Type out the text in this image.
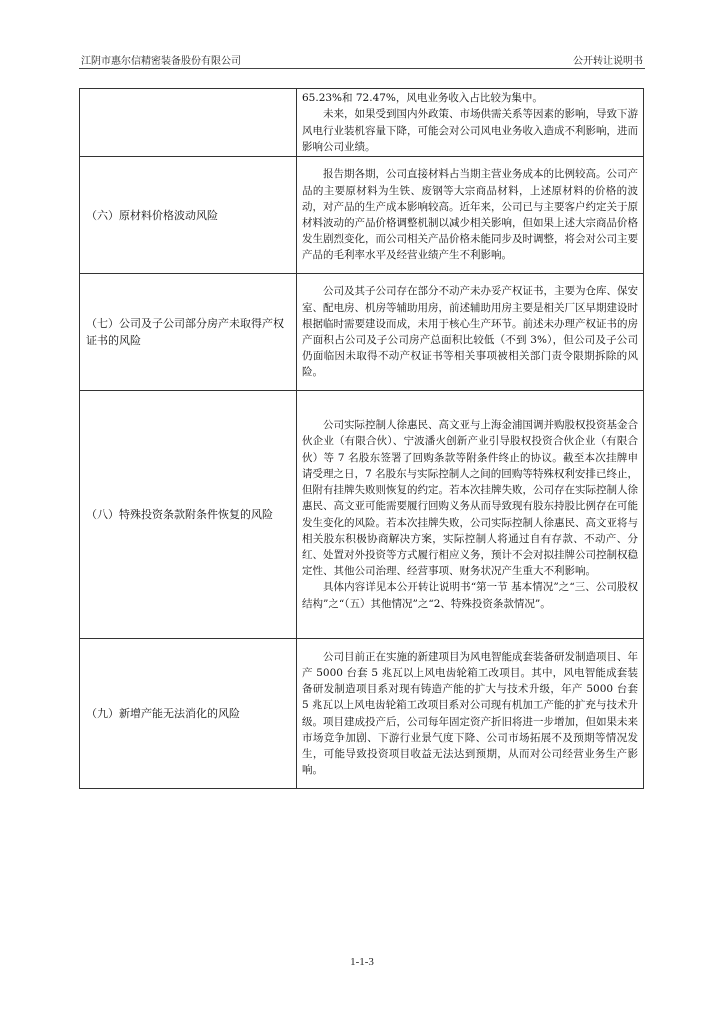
江阴市惠尔信精密装备股份有限公司	公开转让说明书

	65.23%和 72.47%，风电业务收入占比较为集中。

未来，如果受到国内外政策、市场供需关系等因素的影响，导致下游风电行业装机容量下降，可能会对公司风电业务收入造成不利影响，进而影响公司业绩。

（六）原材料价格波动风险	报告期各期，公司直接材料占当期主营业务成本的比例较高。公司产品的主要原材料为生铁、废钢等大宗商品材料，上述原材料的价格的波动，对产品的生产成本影响较高。近年来，公司已与主要客户约定关于原材料波动的产品价格调整机制以减少相关影响，但如果上述大宗商品价格发生剧烈变化，而公司相关产品价格未能同步及时调整，将会对公司主要产品的毛利率水平及经营业绩产生不利影响。

（七）公司及子公司部分房产未取得产权证书的风险	公司及其子公司存在部分不动产未办妥产权证书，主要为仓库、保安室、配电房、机房等辅助用房，前述辅助用房主要是相关厂区早期建设时根据临时需要建设而成，未用于核心生产环节。前述未办理产权证书的房产面积占公司及子公司房产总面积比较低（不到 3%），但公司及子公司仍面临因未取得不动产权证书等相关事项被相关部门责令限期拆除的风险。

（八）特殊投资条款附条件恢复的风险	公司实际控制人徐惠民、高文亚与上海金浦国调并购股权投资基金合伙企业（有限合伙）、宁波潘火创新产业引导股权投资合伙企业（有限合伙）等 7 名股东签署了回购条款等附条件终止的协议。截至本次挂牌申请受理之日，7 名股东与实际控制人之间的回购等特殊权利安排已终止，但附有挂牌失败则恢复的约定。若本次挂牌失败，公司存在实际控制人徐惠民、高文亚可能需要履行回购义务从而导致现有股东持股比例存在可能发生变化的风险。若本次挂牌失败，公司实际控制人徐惠民、高文亚将与相关股东积极协商解决方案，实际控制人将通过自有存款、不动产、分红、处置对外投资等方式履行相应义务，预计不会对拟挂牌公司控制权稳定性、其他公司治理、经营事项、财务状况产生重大不利影响。

具体内容详见本公开转让说明书“第一节 基本情况”之“三、公司股权结构”之“（五）其他情况”之“2、特殊投资条款情况”。

（九）新增产能无法消化的风险	公司目前正在实施的新建项目为风电智能成套装备研发制造项目、年产 5000 台套 5 兆瓦以上风电齿轮箱工改项目。其中，风电智能成套装备研发制造项目系对现有铸造产能的扩大与技术升级，年产 5000 台套 5 兆瓦以上风电齿轮箱工改项目系对公司现有机加工产能的扩充与技术升级。项目建成投产后，公司每年固定资产折旧将进一步增加，但如果未来市场竞争加剧、下游行业景气度下降、公司市场拓展不及预期等情况发生，可能导致投资项目收益无法达到预期，从而对公司经营业务生产影响。

1-1-3
